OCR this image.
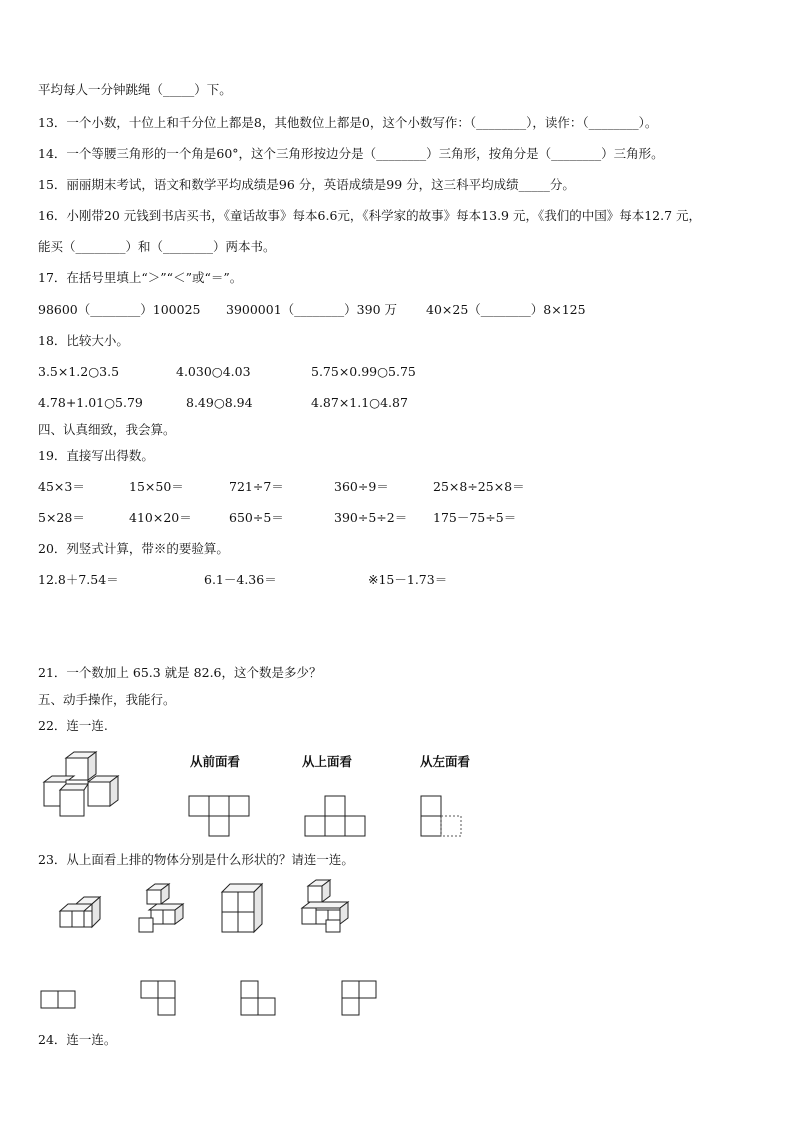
平均每人一分钟跳绳（_____）下。
13．一个小数，十位上和千分位上都是8，其他数位上都是0，这个小数写作：（________），读作：（________）。
14．一个等腰三角形的一个角是60°，这个三角形按边分是（________）三角形，按角分是（________）三角形。
15．丽丽期末考试，语文和数学平均成绩是96 分，英语成绩是99 分，这三科平均成绩_____分。
16．小刚带20 元钱到书店买书，《童话故事》每本6.6元，《科学家的故事》每本13.9 元，《我们的中国》每本12.7 元，
能买（________）和（________）两本书。
17．在括号里填上“＞”“＜”或“＝”。
98600（________）100025 3900001（________）390 万 40×25（________）8×125
18．比较大小。
3.5×1.2○3.5	4.030○4.03	5.75×0.99○5.75
4.78+1.01○5.79	8.49○8.94	4.87×1.1○4.87
四、认真细致，我会算。
19．直接写出得数。
45×3＝	15×50＝	721÷7＝	360÷9＝	25×8÷25×8＝
5×28＝	410×20＝	650÷5＝	390÷5÷2＝ 175－75÷5＝
20．列竖式计算，带※的要验算。
12.8＋7.54＝	6.1－4.36＝	※15－1.73＝
21．一个数加上 65.3 就是 82.6，这个数是多少？
五、动手操作，我能行。
22．连一连.
从前面看	从上面看	从左面看
23．从上面看上排的物体分别是什么形状的？请连一连。
24．连一连。
